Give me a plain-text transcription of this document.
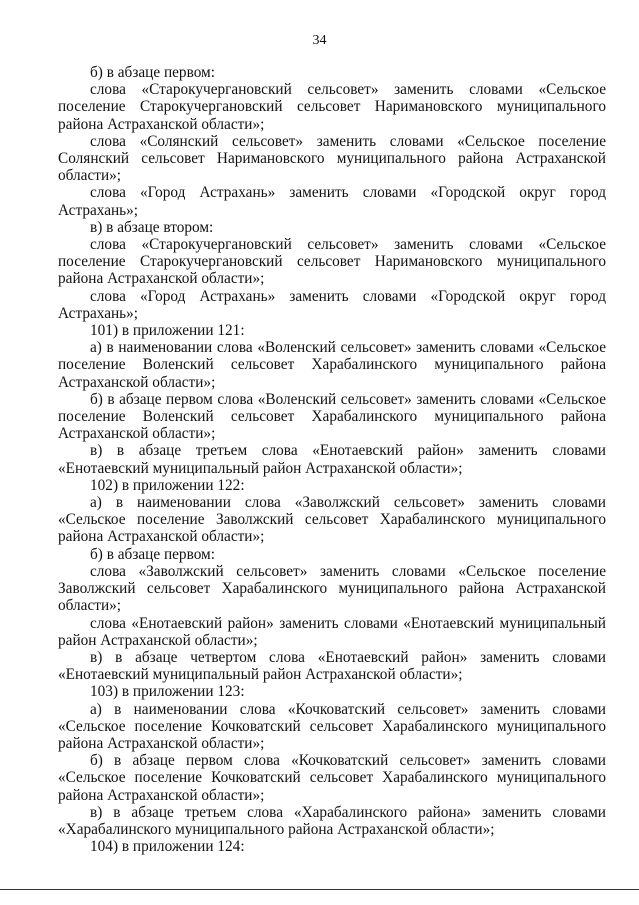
34

б) в абзаце первом:

слова «Старокучергановский сельсовет» заменить словами «Сельское поселение Старокучергановский сельсовет Наримановского муниципального района Астраханской области»;

слова «Солянский сельсовет» заменить словами «Сельское поселение Солянский сельсовет Наримановского муниципального района Астраханской области»;

слова «Город Астрахань» заменить словами «Городской округ город Астрахань»;

в) в абзаце втором:

слова «Старокучергановский сельсовет» заменить словами «Сельское поселение Старокучергановский сельсовет Наримановского муниципального района Астраханской области»;

слова «Город Астрахань» заменить словами «Городской округ город Астрахань»;

101) в приложении 121:

а) в наименовании слова «Воленский сельсовет» заменить словами «Сельское поселение Воленский сельсовет Харабалинского муниципального района Астраханской области»;

б) в абзаце первом слова «Воленский сельсовет» заменить словами «Сельское поселение Воленский сельсовет Харабалинского муниципального района Астраханской области»;

в) в абзаце третьем слова «Енотаевский район» заменить словами «Енотаевский муниципальный район Астраханской области»;

102) в приложении 122:

а) в наименовании слова «Заволжский сельсовет» заменить словами «Сельское поселение Заволжский сельсовет Харабалинского муниципального района Астраханской области»;

б) в абзаце первом:

слова «Заволжский сельсовет» заменить словами «Сельское поселение Заволжский сельсовет Харабалинского муниципального района Астраханской области»;

слова «Енотаевский район» заменить словами «Енотаевский муниципальный район Астраханской области»;

в) в абзаце четвертом слова «Енотаевский район» заменить словами «Енотаевский муниципальный район Астраханской области»;

103) в приложении 123:

а) в наименовании слова «Кочковатский сельсовет» заменить словами «Сельское поселение Кочковатский сельсовет Харабалинского муниципального района Астраханской области»;

б) в абзаце первом слова «Кочковатский сельсовет» заменить словами «Сельское поселение Кочковатский сельсовет Харабалинского муниципального района Астраханской области»;

в) в абзаце третьем слова «Харабалинского района» заменить словами «Харабалинского муниципального района Астраханской области»;

104) в приложении 124:
